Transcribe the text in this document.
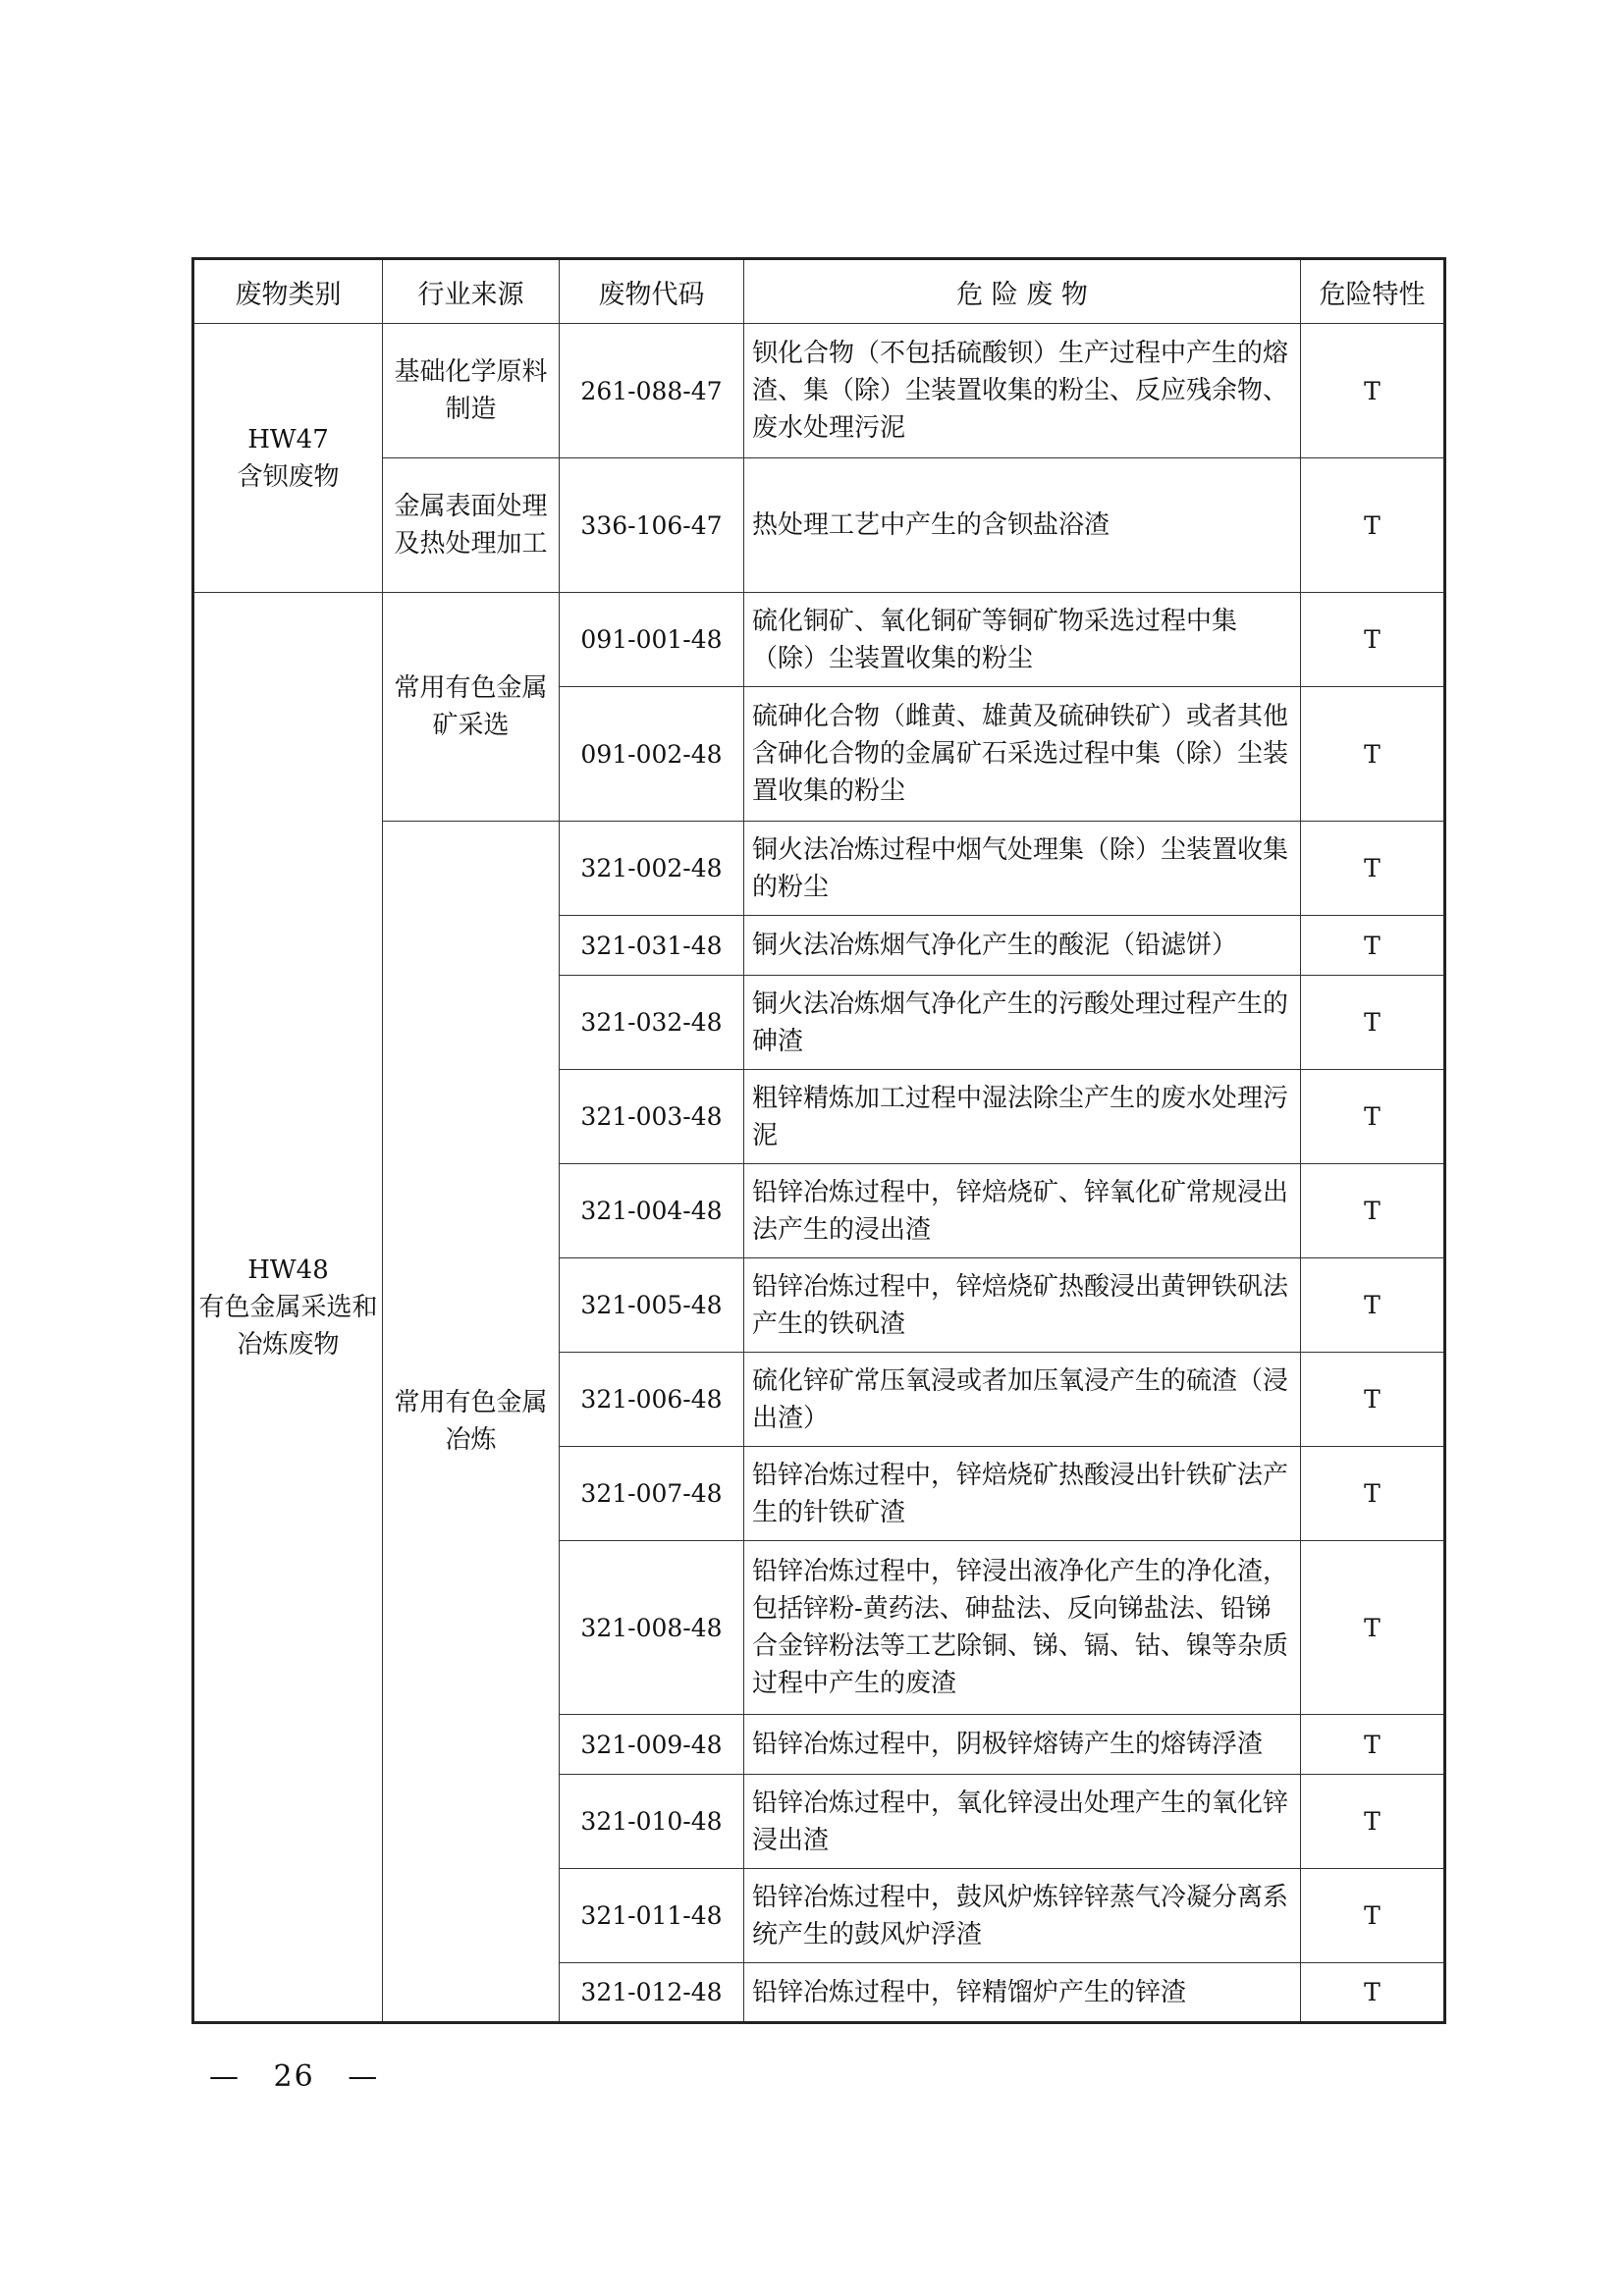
废物类别	行业来源	废物代码	危 险 废 物	危险特性

HW47
含钡废物	基础化学原料制造	261-088-47	钡化合物（不包括硫酸钡）生产过程中产生的熔渣、集（除）尘装置收集的粉尘、反应残余物、废水处理污泥	T
	金属表面处理及热处理加工	336-106-47	热处理工艺中产生的含钡盐浴渣	T

HW48
有色金属采选和冶炼废物	常用有色金属矿采选	091-001-48	硫化铜矿、氧化铜矿等铜矿物采选过程中集（除）尘装置收集的粉尘	T
		091-002-48	硫砷化合物（雌黄、雄黄及硫砷铁矿）或者其他含砷化合物的金属矿石采选过程中集（除）尘装置收集的粉尘	T
	常用有色金属冶炼	321-002-48	铜火法冶炼过程中烟气处理集（除）尘装置收集的粉尘	T
		321-031-48	铜火法冶炼烟气净化产生的酸泥（铅滤饼）	T
		321-032-48	铜火法冶炼烟气净化产生的污酸处理过程产生的砷渣	T
		321-003-48	粗锌精炼加工过程中湿法除尘产生的废水处理污泥	T
		321-004-48	铅锌冶炼过程中，锌焙烧矿、锌氧化矿常规浸出法产生的浸出渣	T
		321-005-48	铅锌冶炼过程中，锌焙烧矿热酸浸出黄钾铁矾法产生的铁矾渣	T
		321-006-48	硫化锌矿常压氧浸或者加压氧浸产生的硫渣（浸出渣）	T
		321-007-48	铅锌冶炼过程中，锌焙烧矿热酸浸出针铁矿法产生的针铁矿渣	T
		321-008-48	铅锌冶炼过程中，锌浸出液净化产生的净化渣，包括锌粉-黄药法、砷盐法、反向锑盐法、铅锑合金锌粉法等工艺除铜、锑、镉、钴、镍等杂质过程中产生的废渣	T
		321-009-48	铅锌冶炼过程中，阴极锌熔铸产生的熔铸浮渣	T
		321-010-48	铅锌冶炼过程中，氧化锌浸出处理产生的氧化锌浸出渣	T
		321-011-48	铅锌冶炼过程中，鼓风炉炼锌锌蒸气冷凝分离系统产生的鼓风炉浮渣	T
		321-012-48	铅锌冶炼过程中，锌精馏炉产生的锌渣	T
— 26 —
